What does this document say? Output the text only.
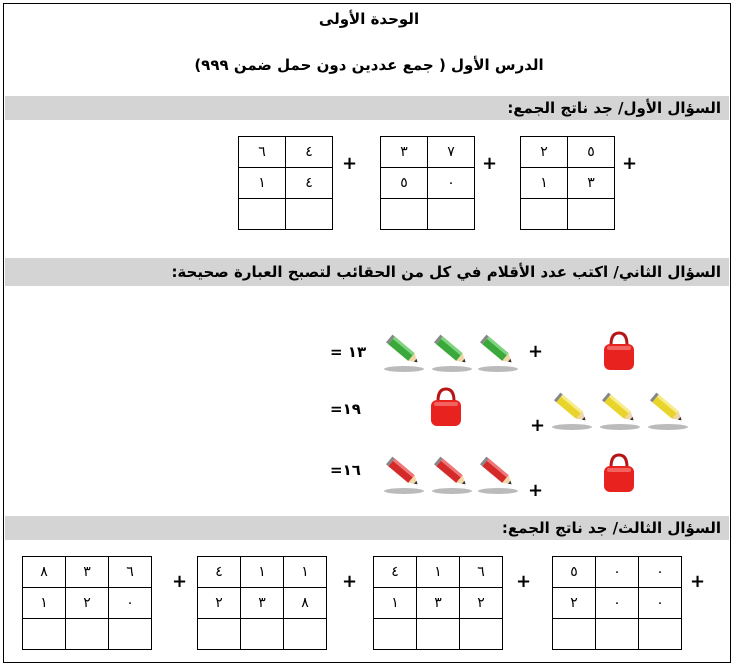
الوحدة الأولى
الدرس الأول ( جمع عددين دون حمل ضمن ٩٩٩)
السؤال الأول/ جد ناتج الجمع:
٦	٤
١	٤

+
٣	٧
٥	٠

+
٢	٥
١	٣

+
السؤال الثاني/ اكتب عدد الأقلام في كل من الحقائب لتصبح العبارة صحيحة:
١٣ =	+
١٩=
+
١٦=
+
السؤال الثالث/ جد ناتج الجمع:
٨	٣	٦
١	٢	٠

+ ٤	١	١
٢	٣	٨

+ ٤	١	٦
١	٣	٢

+	٥	٠	٠
٢	٠	٠

+
